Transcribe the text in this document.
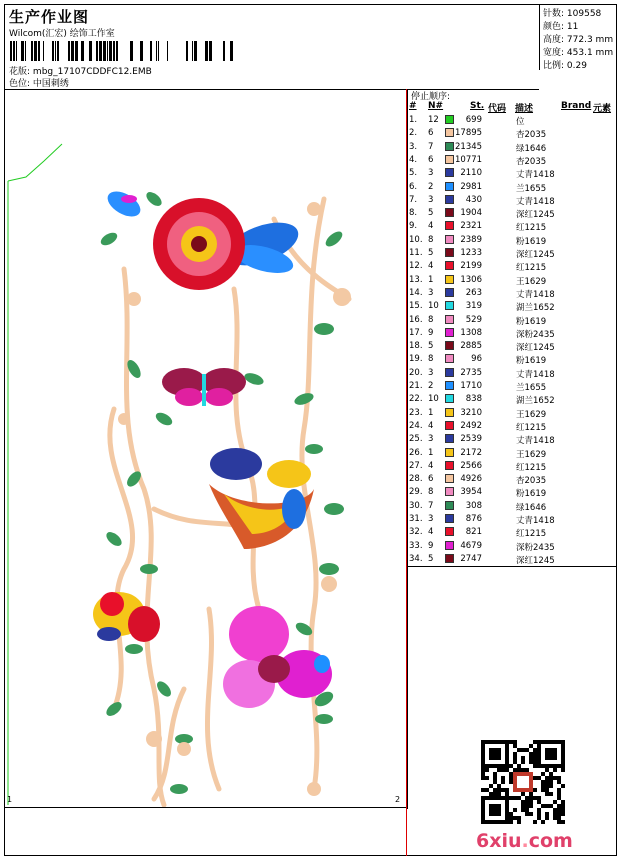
生产作业图
Wilcom(汇宏) 绘饰工作室
花版: mbg_17107CDDFC12.EMB
色位: 中国刺绣
针数: 109558
颜色: 11
高度: 772.3 mm
宽度: 453.1 mm
比例: 0.29
1	2
停止顺序:
# N#	St. 代码 描述	Brand 元素
1. 12	699	位
2. 6	17895	杏2035
3. 7	21345	绿1646
4. 6	10771	杏2035
5. 3	2110	丈青1418
6. 2	2981	兰1655
7. 3	430	丈青1418
8. 5	1904	深红1245
9. 4	2321	红1215
10. 8	2389	粉1619
11. 5	1233	深红1245
12. 4	2199	红1215
13. 1	1306	王1629
14. 3	263	丈青1418
15. 10	319	湖兰1652
16. 8	529	粉1619
17. 9	1308	深粉2435
18. 5	2885	深红1245
19. 8	96	粉1619
20. 3	2735	丈青1418
21. 2	1710	兰1655
22. 10	838	湖兰1652
23. 1	3210	王1629
24. 4	2492	红1215
25. 3	2539	丈青1418
26. 1	2172	王1629
27. 4	2566	红1215
28. 6	4926	杏2035
29. 8	3954	粉1619
30. 7	308	绿1646
31. 3	876	丈青1418
32. 4	821	红1215
33. 9	4679	深粉2435
34. 5	2747	深红1245
6xiu.com
